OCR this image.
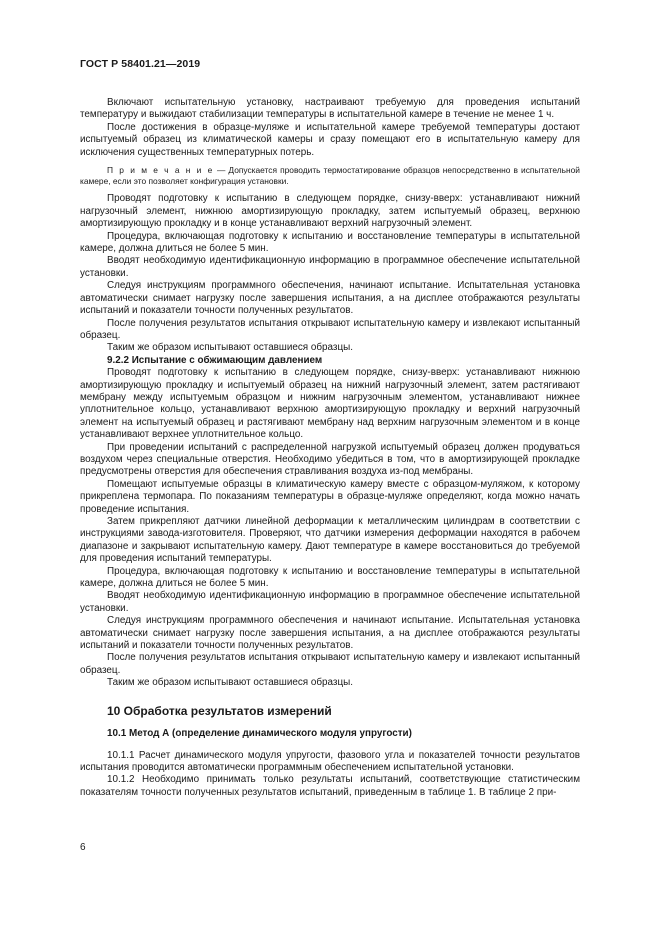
ГОСТ Р 58401.21—2019

Включают испытательную установку, настраивают требуемую для проведения испытаний температуру и выжидают стабилизации температуры в испытательной камере в течение не менее 1 ч.

После достижения в образце-муляже и испытательной камере требуемой температуры достают испытуемый образец из климатической камеры и сразу помещают его в испытательную камеру для исключения существенных температурных потерь.

П р и м е ч а н и е — Допускается проводить термостатирование образцов непосредственно в испытательной камере, если это позволяет конфигурация установки.

Проводят подготовку к испытанию в следующем порядке, снизу-вверх: устанавливают нижний нагрузочный элемент, нижнюю амортизирующую прокладку, затем испытуемый образец, верхнюю амортизирующую прокладку и в конце устанавливают верхний нагрузочный элемент.

Процедура, включающая подготовку к испытанию и восстановление температуры в испытательной камере, должна длиться не более 5 мин.

Вводят необходимую идентификационную информацию в программное обеспечение испытательной установки.

Следуя инструкциям программного обеспечения, начинают испытание. Испытательная установка автоматически снимает нагрузку после завершения испытания, а на дисплее отображаются результаты испытаний и показатели точности полученных результатов.

После получения результатов испытания открывают испытательную камеру и извлекают испытанный образец.

Таким же образом испытывают оставшиеся образцы.

9.2.2 Испытание с обжимающим давлением

Проводят подготовку к испытанию в следующем порядке, снизу-вверх: устанавливают нижнюю амортизирующую прокладку и испытуемый образец на нижний нагрузочный элемент, затем растягивают мембрану между испытуемым образцом и нижним нагрузочным элементом, устанавливают нижнее уплотнительное кольцо, устанавливают верхнюю амортизирующую прокладку и верхний нагрузочный элемент на испытуемый образец и растягивают мембрану над верхним нагрузочным элементом и в конце устанавливают верхнее уплотнительное кольцо.

При проведении испытаний с распределенной нагрузкой испытуемый образец должен продуваться воздухом через специальные отверстия. Необходимо убедиться в том, что в амортизирующей прокладке предусмотрены отверстия для обеспечения стравливания воздуха из-под мембраны.

Помещают испытуемые образцы в климатическую камеру вместе с образцом-муляжом, к которому прикреплена термопара. По показаниям температуры в образце-муляже определяют, когда можно начать проведение испытания.

Затем прикрепляют датчики линейной деформации к металлическим цилиндрам в соответствии с инструкциями завода-изготовителя. Проверяют, что датчики измерения деформации находятся в рабочем диапазоне и закрывают испытательную камеру. Дают температуре в камере восстановиться до требуемой для проведения испытаний температуры.

Процедура, включающая подготовку к испытанию и восстановление температуры в испытательной камере, должна длиться не более 5 мин.

Вводят необходимую идентификационную информацию в программное обеспечение испытательной установки.

Следуя инструкциям программного обеспечения и начинают испытание. Испытательная установка автоматически снимает нагрузку после завершения испытания, а на дисплее отображаются результаты испытаний и показатели точности полученных результатов.

После получения результатов испытания открывают испытательную камеру и извлекают испытанный образец.

Таким же образом испытывают оставшиеся образцы.

10 Обработка результатов измерений

10.1 Метод А (определение динамического модуля упругости)

10.1.1 Расчет динамического модуля упругости, фазового угла и показателей точности результатов испытания проводится автоматически программным обеспечением испытательной установки.

10.1.2 Необходимо принимать только результаты испытаний, соответствующие статистическим показателям точности полученных результатов испытаний, приведенным в таблице 1. В таблице 2 при-

6
